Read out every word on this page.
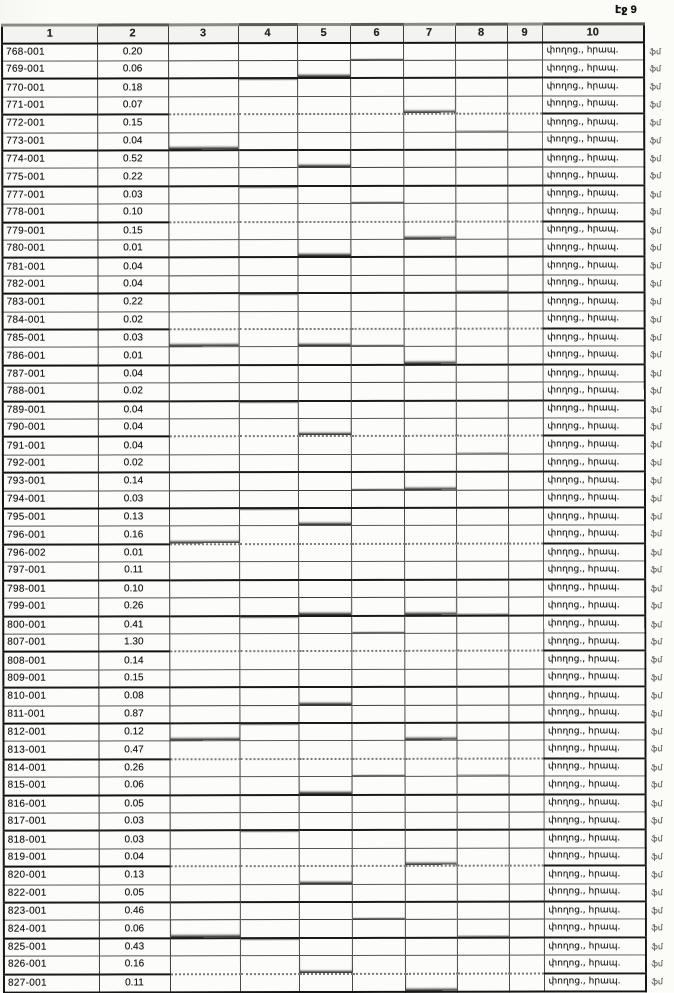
էջ 9
1	2	3	4	5	6	7	8	9	10
768-001	0.20								փողոց., հրապ. ֆմ

769-001	0.06								փողոց., հրապ. ֆմ

770-001	0.18								փողոց., հրապ. ֆմ

771-001	0.07								փողոց., հրապ. ֆմ

772-001	0.15								փողոց., հրապ. ֆմ

773-001	0.04								փողոց., հրապ. ֆմ

774-001	0.52								փողոց., հրապ. ֆմ

775-001	0.22								փողոց., հրապ. ֆմ

777-001	0.03								փողոց., հրապ. ֆմ

778-001	0.10								փողոց., հրապ. ֆմ

779-001	0.15								փողոց., հրապ. ֆմ

780-001	0.01								փողոց., հրապ. ֆմ

781-001	0.04								փողոց., հրապ. ֆմ

782-001	0.04								փողոց., հրապ. ֆմ

783-001	0.22								փողոց., հրապ. ֆմ

784-001	0.02								փողոց., հրապ. ֆմ

785-001	0.03								փողոց., հրապ. ֆմ

786-001	0.01								փողոց., հրապ. ֆմ

787-001	0.04								փողոց., հրապ. ֆմ

788-001	0.02								փողոց., հրապ. ֆմ

789-001	0.04								փողոց., հրապ. ֆմ

790-001	0.04								փողոց., հրապ. ֆմ

791-001	0.04								փողոց., հրապ. ֆմ

792-001	0.02								փողոց., հրապ. ֆմ

793-001	0.14								փողոց., հրապ. ֆմ

794-001	0.03								փողոց., հրապ. ֆմ

795-001	0.13								փողոց., հրապ. ֆմ

796-001	0.16								փողոց., հրապ. ֆմ

796-002	0.01								փողոց., հրապ. ֆմ

797-001	0.11								փողոց., հրապ. ֆմ

798-001	0.10								փողոց., հրապ. ֆմ

799-001	0.26								փողոց., հրապ. ֆմ

800-001	0.41								փողոց., հրապ. ֆմ

807-001	1.30								փողոց., հրապ. ֆմ

808-001	0.14								փողոց., հրապ. ֆմ

809-001	0.15								փողոց., հրապ. ֆմ

810-001	0.08								փողոց., հրապ. ֆմ

811-001	0.87								փողոց., հրապ. ֆմ

812-001	0.12								փողոց., հրապ. ֆմ

813-001	0.47								փողոց., հրապ. ֆմ

814-001	0.26								փողոց., հրապ. ֆմ

815-001	0.06								փողոց., հրապ. ֆմ

816-001	0.05								փողոց., հրապ. ֆմ

817-001	0.03								փողոց., հրապ. ֆմ

818-001	0.03								փողոց., հրապ. ֆմ

819-001	0.04								փողոց., հրապ. ֆմ

820-001	0.13								փողոց., հրապ. ֆմ

822-001	0.05								փողոց., հրապ. ֆմ

823-001	0.46								փողոց., հրապ. ֆմ

824-001	0.06								փողոց., հրապ. ֆմ

825-001	0.43								փողոց., հրապ. ֆմ

826-001	0.16								փողոց., հրապ. ֆմ

827-001	0.11								փողոց., հրապ. ֆմ
